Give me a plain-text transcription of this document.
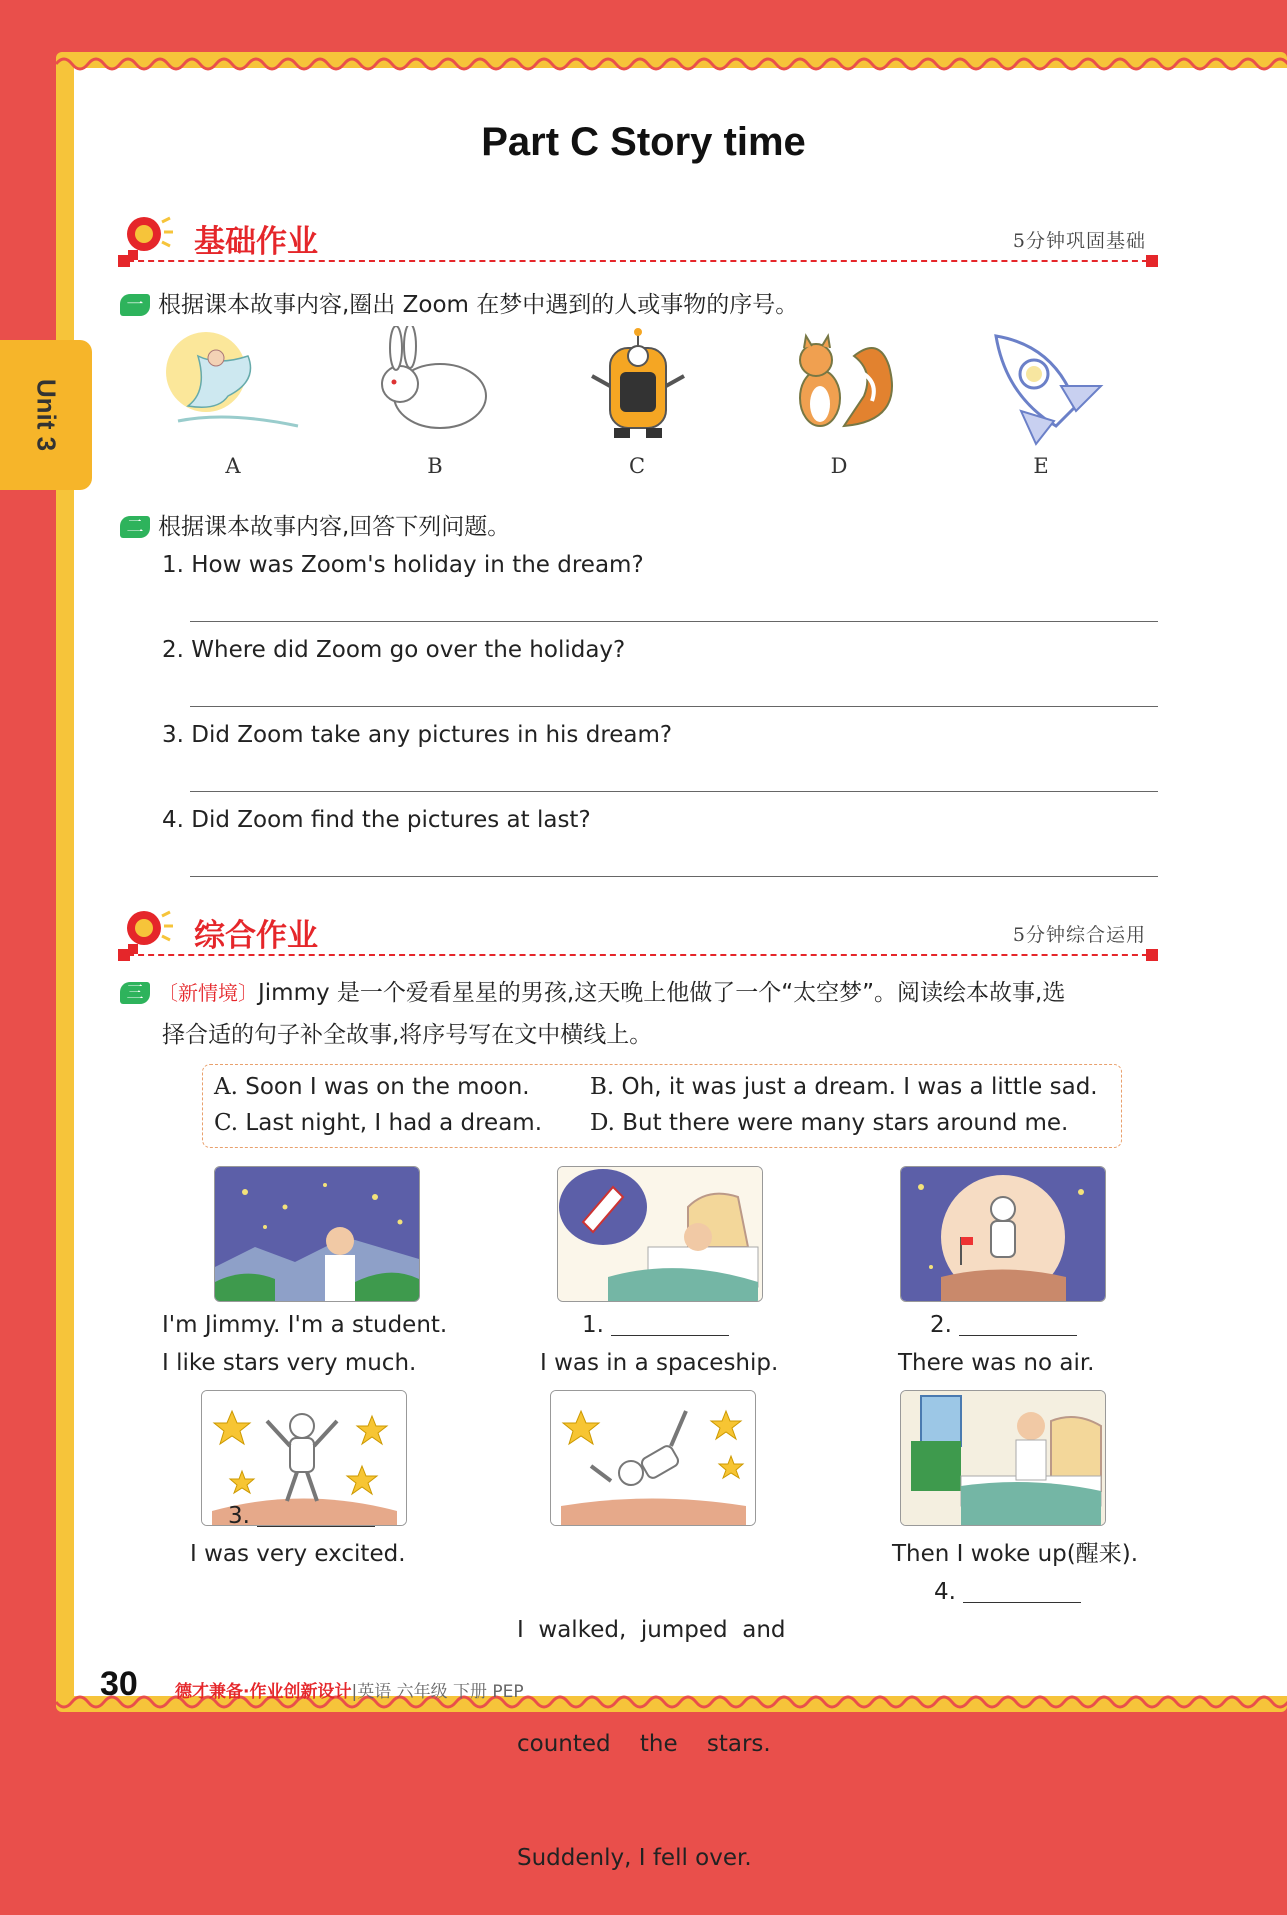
Unit 3
Part C Story time
基础作业	5分钟巩固基础
一 根据课本故事内容,圈出 Zoom 在梦中遇到的人或事物的序号。
A	B	C	D	E
二 根据课本故事内容,回答下列问题。
1. How was Zoom's holiday in the dream?
2. Where did Zoom go over the holiday?
3. Did Zoom take any pictures in his dream?
4. Did Zoom find the pictures at last?
综合作业	5分钟综合运用
三 〔新情境〕Jimmy 是一个爱看星星的男孩,这天晚上他做了一个“太空梦”。阅读绘本故事,选
择合适的句子补全故事,将序号写在文中横线上。
A. Soon I was on the moon.	B. Oh, it was just a dream. I was a little sad.
C. Last night, I had a dream. D. But there were many stars around me.
I'm Jimmy. I'm a student.
I like stars very much.
1.
I was in a spaceship.
2.
There was no air.
3.
I was very excited.

I  walked,  jumped  and

counted    the    stars.

Suddenly, I fell over.

Then I woke up(醒来).
4.
30 德才兼备·作业创新设计|英语 六年级 下册 PEP
